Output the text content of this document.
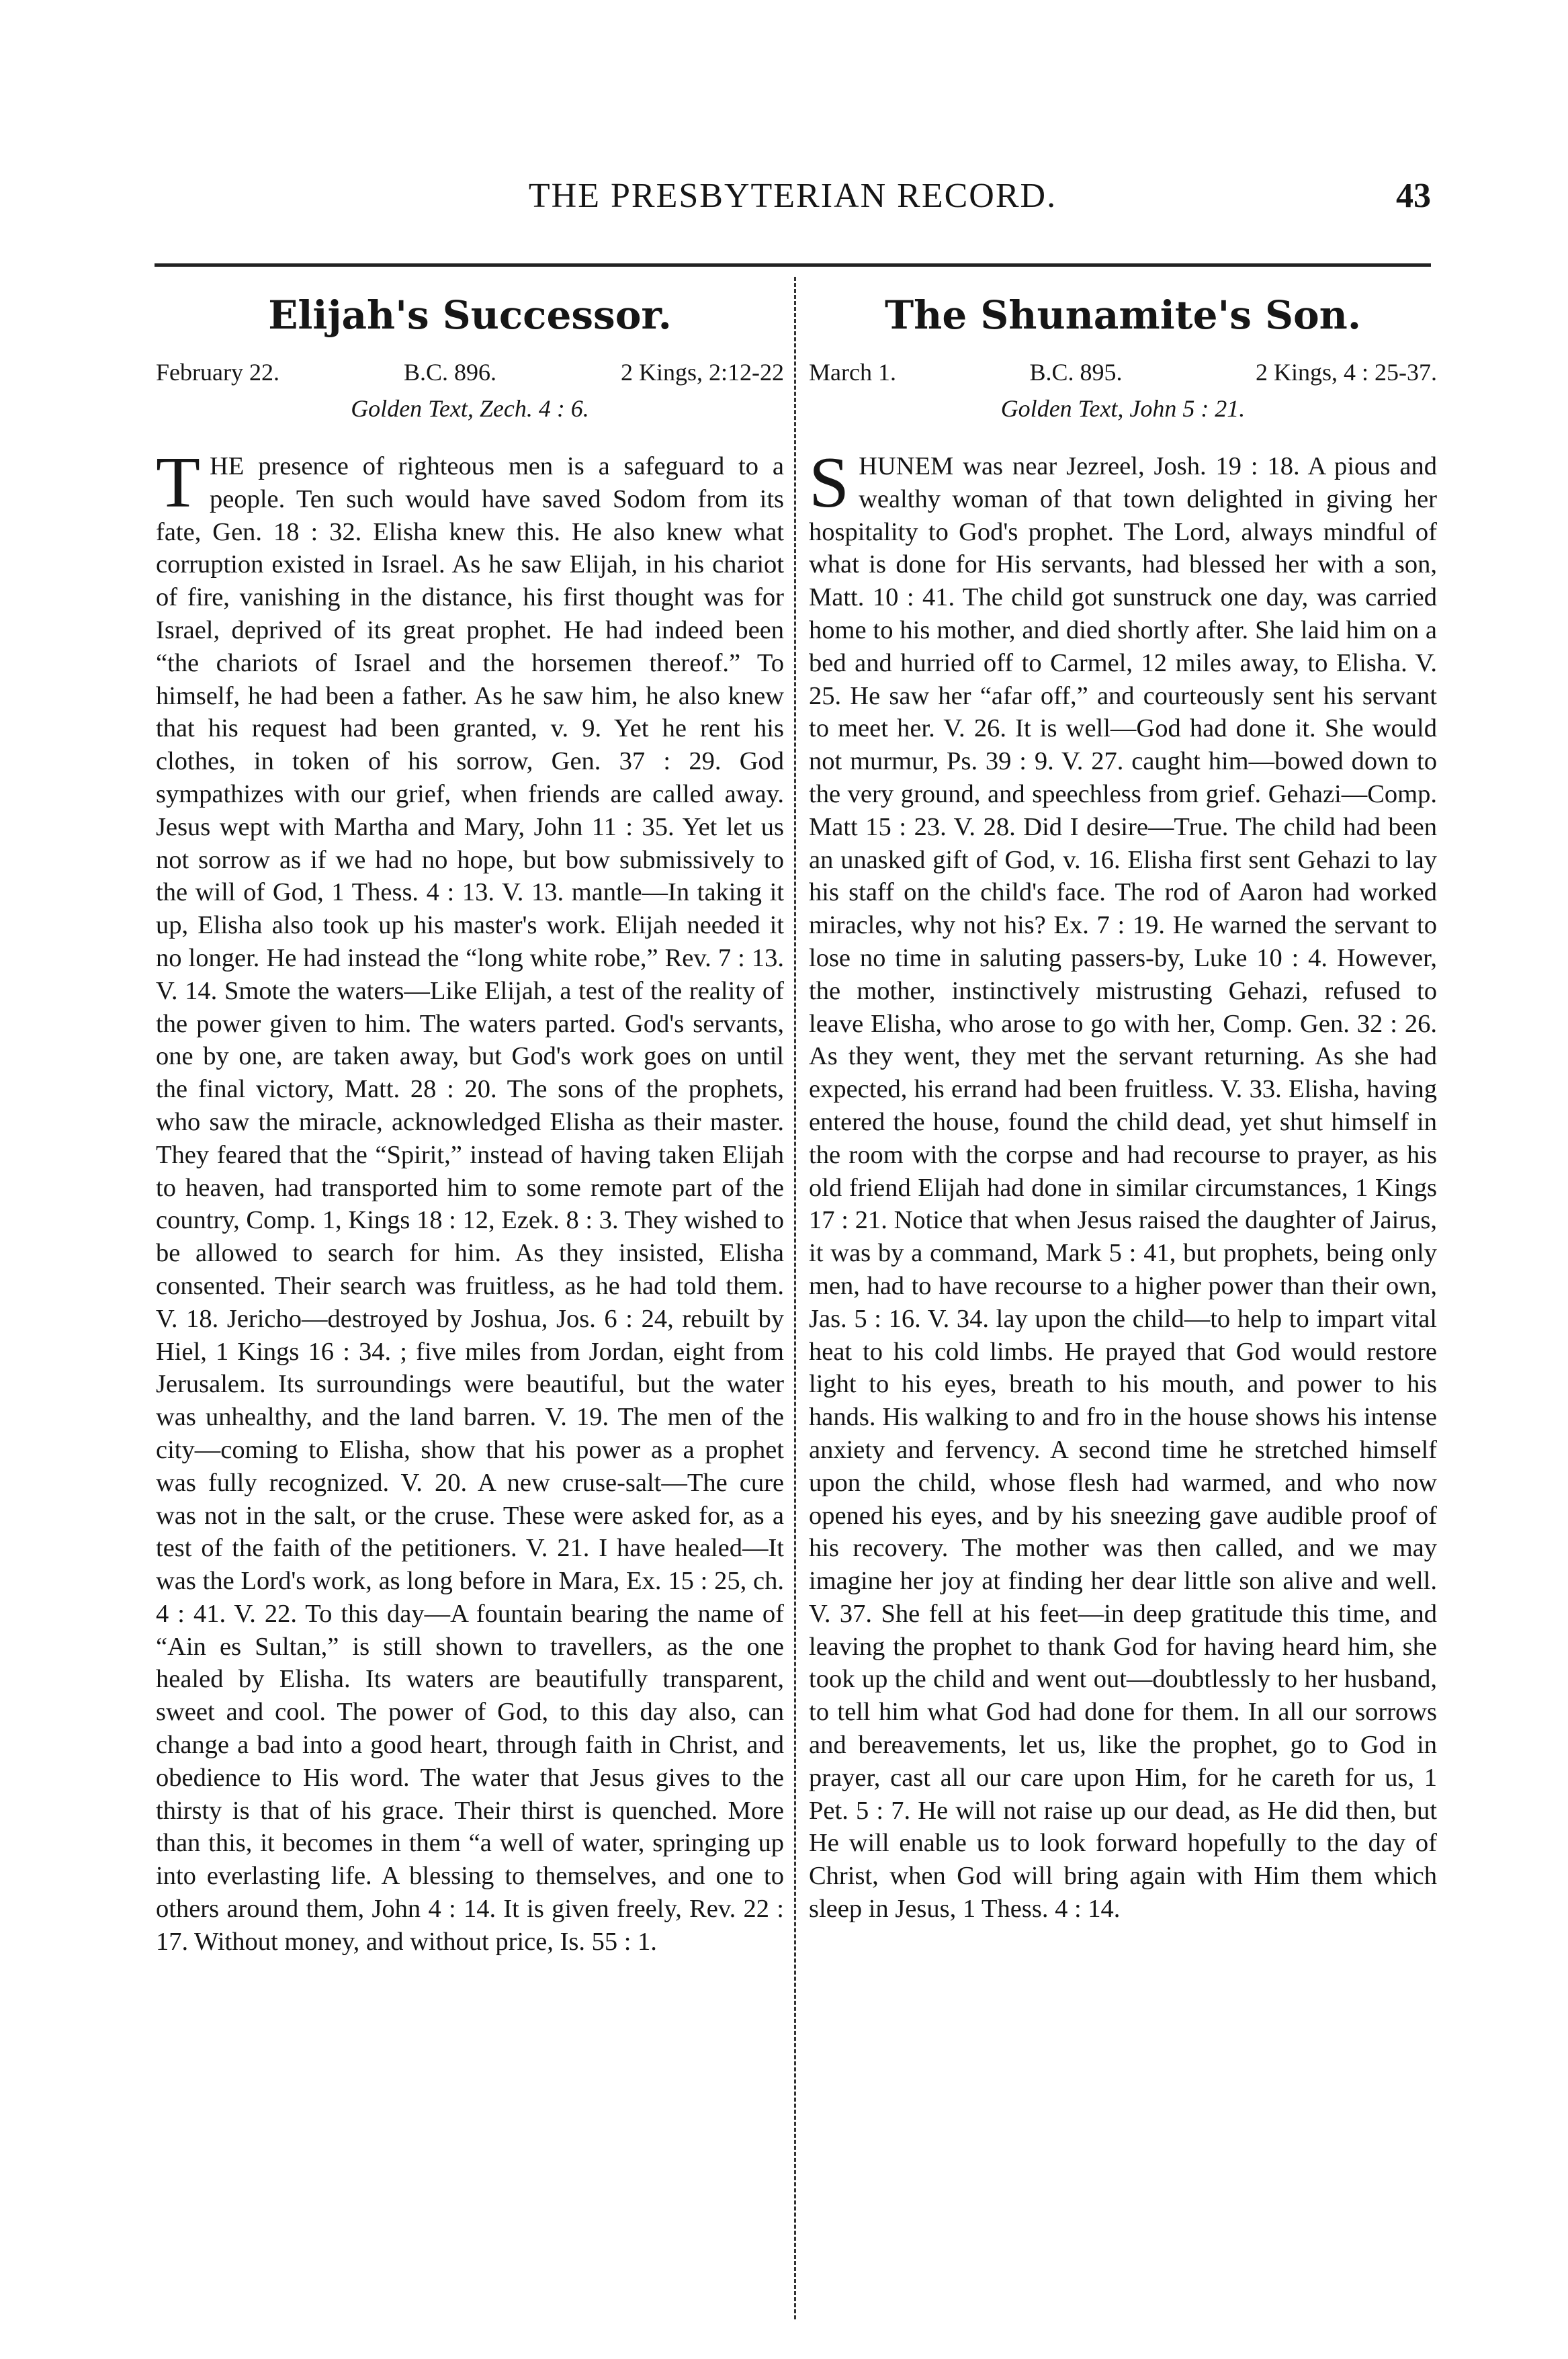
THE PRESBYTERIAN RECORD.	43
Elijah's Successor.
February 22.	B.C. 896.	2 Kings, 2:12-22
Golden Text, Zech. 4 : 6.

THE presence of righteous men is a safeguard to a people. Ten such would have saved Sodom from its fate, Gen. 18 : 32. Elisha knew this. He also knew what corruption existed in Israel. As he saw Elijah, in his chariot of fire, vanishing in the distance, his first thought was for Israel, deprived of its great prophet. He had indeed been “the chariots of Israel and the horsemen thereof.” To himself, he had been a father. As he saw him, he also knew that his request had been granted, v. 9. Yet he rent his clothes, in token of his sorrow, Gen. 37 : 29. God sympathizes with our grief, when friends are called away. Jesus wept with Martha and Mary, John 11 : 35. Yet let us not sorrow as if we had no hope, but bow submissively to the will of God, 1 Thess. 4 : 13. V. 13. mantle—In taking it up, Elisha also took up his master's work. Elijah needed it no longer. He had instead the “long white robe,” Rev. 7 : 13. V. 14. Smote the waters—Like Elijah, a test of the reality of the power given to him. The waters parted. God's servants, one by one, are taken away, but God's work goes on until the final victory, Matt. 28 : 20. The sons of the prophets, who saw the miracle, acknowledged Elisha as their master. They feared that the “Spirit,” instead of having taken Elijah to heaven, had transported him to some remote part of the country, Comp. 1, Kings 18 : 12, Ezek. 8 : 3. They wished to be allowed to search for him. As they insisted, Elisha consented. Their search was fruitless, as he had told them. V. 18. Jericho—destroyed by Joshua, Jos. 6 : 24, rebuilt by Hiel, 1 Kings 16 : 34. ; five miles from Jordan, eight from Jerusalem. Its surroundings were beautiful, but the water was unhealthy, and the land barren. V. 19. The men of the city—coming to Elisha, show that his power as a prophet was fully recognized. V. 20. A new cruse-salt—The cure was not in the salt, or the cruse. These were asked for, as a test of the faith of the petitioners. V. 21. I have healed—It was the Lord's work, as long before in Mara, Ex. 15 : 25, ch. 4 : 41. V. 22. To this day—A fountain bearing the name of “Ain es Sultan,” is still shown to travellers, as the one healed by Elisha. Its waters are beautifully transparent, sweet and cool. The power of God, to this day also, can change a bad into a good heart, through faith in Christ, and obedience to His word. The water that Jesus gives to the thirsty is that of his grace. Their thirst is quenched. More than this, it becomes in them “a well of water, springing up into everlasting life. A blessing to themselves, and one to others around them, John 4 : 14. It is given freely, Rev. 22 : 17. Without money, and without price, Is. 55 : 1.

The Shunamite's Son.
March 1.	B.C. 895.	2 Kings, 4 : 25-37.
Golden Text, John 5 : 21.

SHUNEM was near Jezreel, Josh. 19 : 18. A pious and wealthy woman of that town delighted in giving her hospitality to God's prophet. The Lord, always mindful of what is done for His servants, had blessed her with a son, Matt. 10 : 41. The child got sunstruck one day, was carried home to his mother, and died shortly after. She laid him on a bed and hurried off to Carmel, 12 miles away, to Elisha. V. 25. He saw her “afar off,” and courteously sent his servant to meet her. V. 26. It is well—God had done it. She would not murmur, Ps. 39 : 9. V. 27. caught him—bowed down to the very ground, and speechless from grief. Gehazi—Comp. Matt 15 : 23. V. 28. Did I desire—True. The child had been an unasked gift of God, v. 16. Elisha first sent Gehazi to lay his staff on the child's face. The rod of Aaron had worked miracles, why not his? Ex. 7 : 19. He warned the servant to lose no time in saluting passers-by, Luke 10 : 4. However, the mother, instinctively mistrusting Gehazi, refused to leave Elisha, who arose to go with her, Comp. Gen. 32 : 26. As they went, they met the servant returning. As she had expected, his errand had been fruitless. V. 33. Elisha, having entered the house, found the child dead, yet shut himself in the room with the corpse and had recourse to prayer, as his old friend Elijah had done in similar circumstances, 1 Kings 17 : 21. Notice that when Jesus raised the daughter of Jairus, it was by a command, Mark 5 : 41, but prophets, being only men, had to have recourse to a higher power than their own, Jas. 5 : 16. V. 34. lay upon the child—to help to impart vital heat to his cold limbs. He prayed that God would restore light to his eyes, breath to his mouth, and power to his hands. His walking to and fro in the house shows his intense anxiety and fervency. A second time he stretched himself upon the child, whose flesh had warmed, and who now opened his eyes, and by his sneezing gave audible proof of his recovery. The mother was then called, and we may imagine her joy at finding her dear little son alive and well. V. 37. She fell at his feet—in deep gratitude this time, and leaving the prophet to thank God for having heard him, she took up the child and went out—doubtlessly to her husband, to tell him what God had done for them. In all our sorrows and bereavements, let us, like the prophet, go to God in prayer, cast all our care upon Him, for he careth for us, 1 Pet. 5 : 7. He will not raise up our dead, as He did then, but He will enable us to look forward hopefully to the day of Christ, when God will bring again with Him them which sleep in Jesus, 1 Thess. 4 : 14.
